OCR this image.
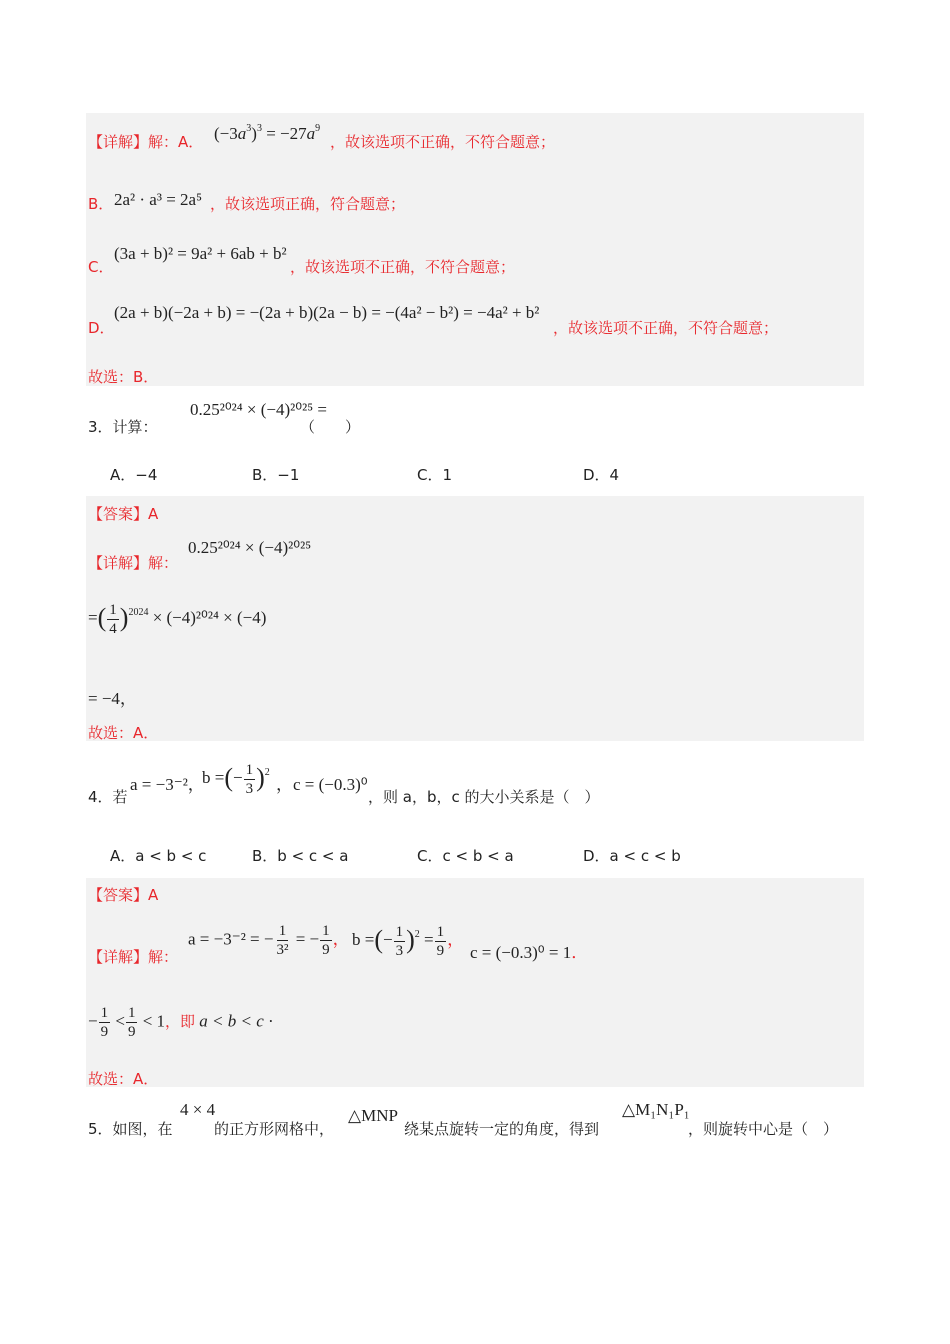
【详解】解：A． $(-3a^3)^3 = -27a^9$
，故该选项不正确，不符合题意；
B． 2a² · a³ = 2a⁵ ，故该选项正确，符合题意；
C．
(3a + b)² = 9a² + 6ab + b²
，故该选项不正确，不符合题意；
D．
(2a + b)(−2a + b) = −(2a + b)(2a − b) = −(4a² − b²) = −4a² + b²
，故该选项不正确，不符合题意；
故选：B．
3．计算：
0.25²⁰²⁴ × (−4)²⁰²⁵ =
（　　）
A．−4	B．−1	C．1	D．4
【答案】A
【详解】解：
0.25²⁰²⁴ × (−4)²⁰²⁵
=( $\frac{1}{4} )^{2024} \times (-4)^{2024} \times (-4)$
= −4，
故选：A．
4．若
a = −3⁻²，
b =(− $\frac{1}{3} )^2$
，c = (−0.3)⁰
，则 a，b，c 的大小关系是（　）
A．a < b < c	B．b < c < a	C．c < b < a	D．a < c < b
【答案】A
【详解】解：
a = −3⁻² = − $\frac{1}{\text{3²}}$ = − $\frac{1}{9}$ ， b =(− $\frac{1}{3} )^2 = \frac{1}{9}$ ，
c = (−0.3)⁰ = 1．
− $\frac{1}{9} < \frac{1}{9} < 1$，即 a < b < c ·
故选：A．
5．如图，在
4 × 4
的正方形网格中，
△MNP
绕某点旋转一定的角度，得到
△M₁N₁P₁
，则旋转中心是（　）
